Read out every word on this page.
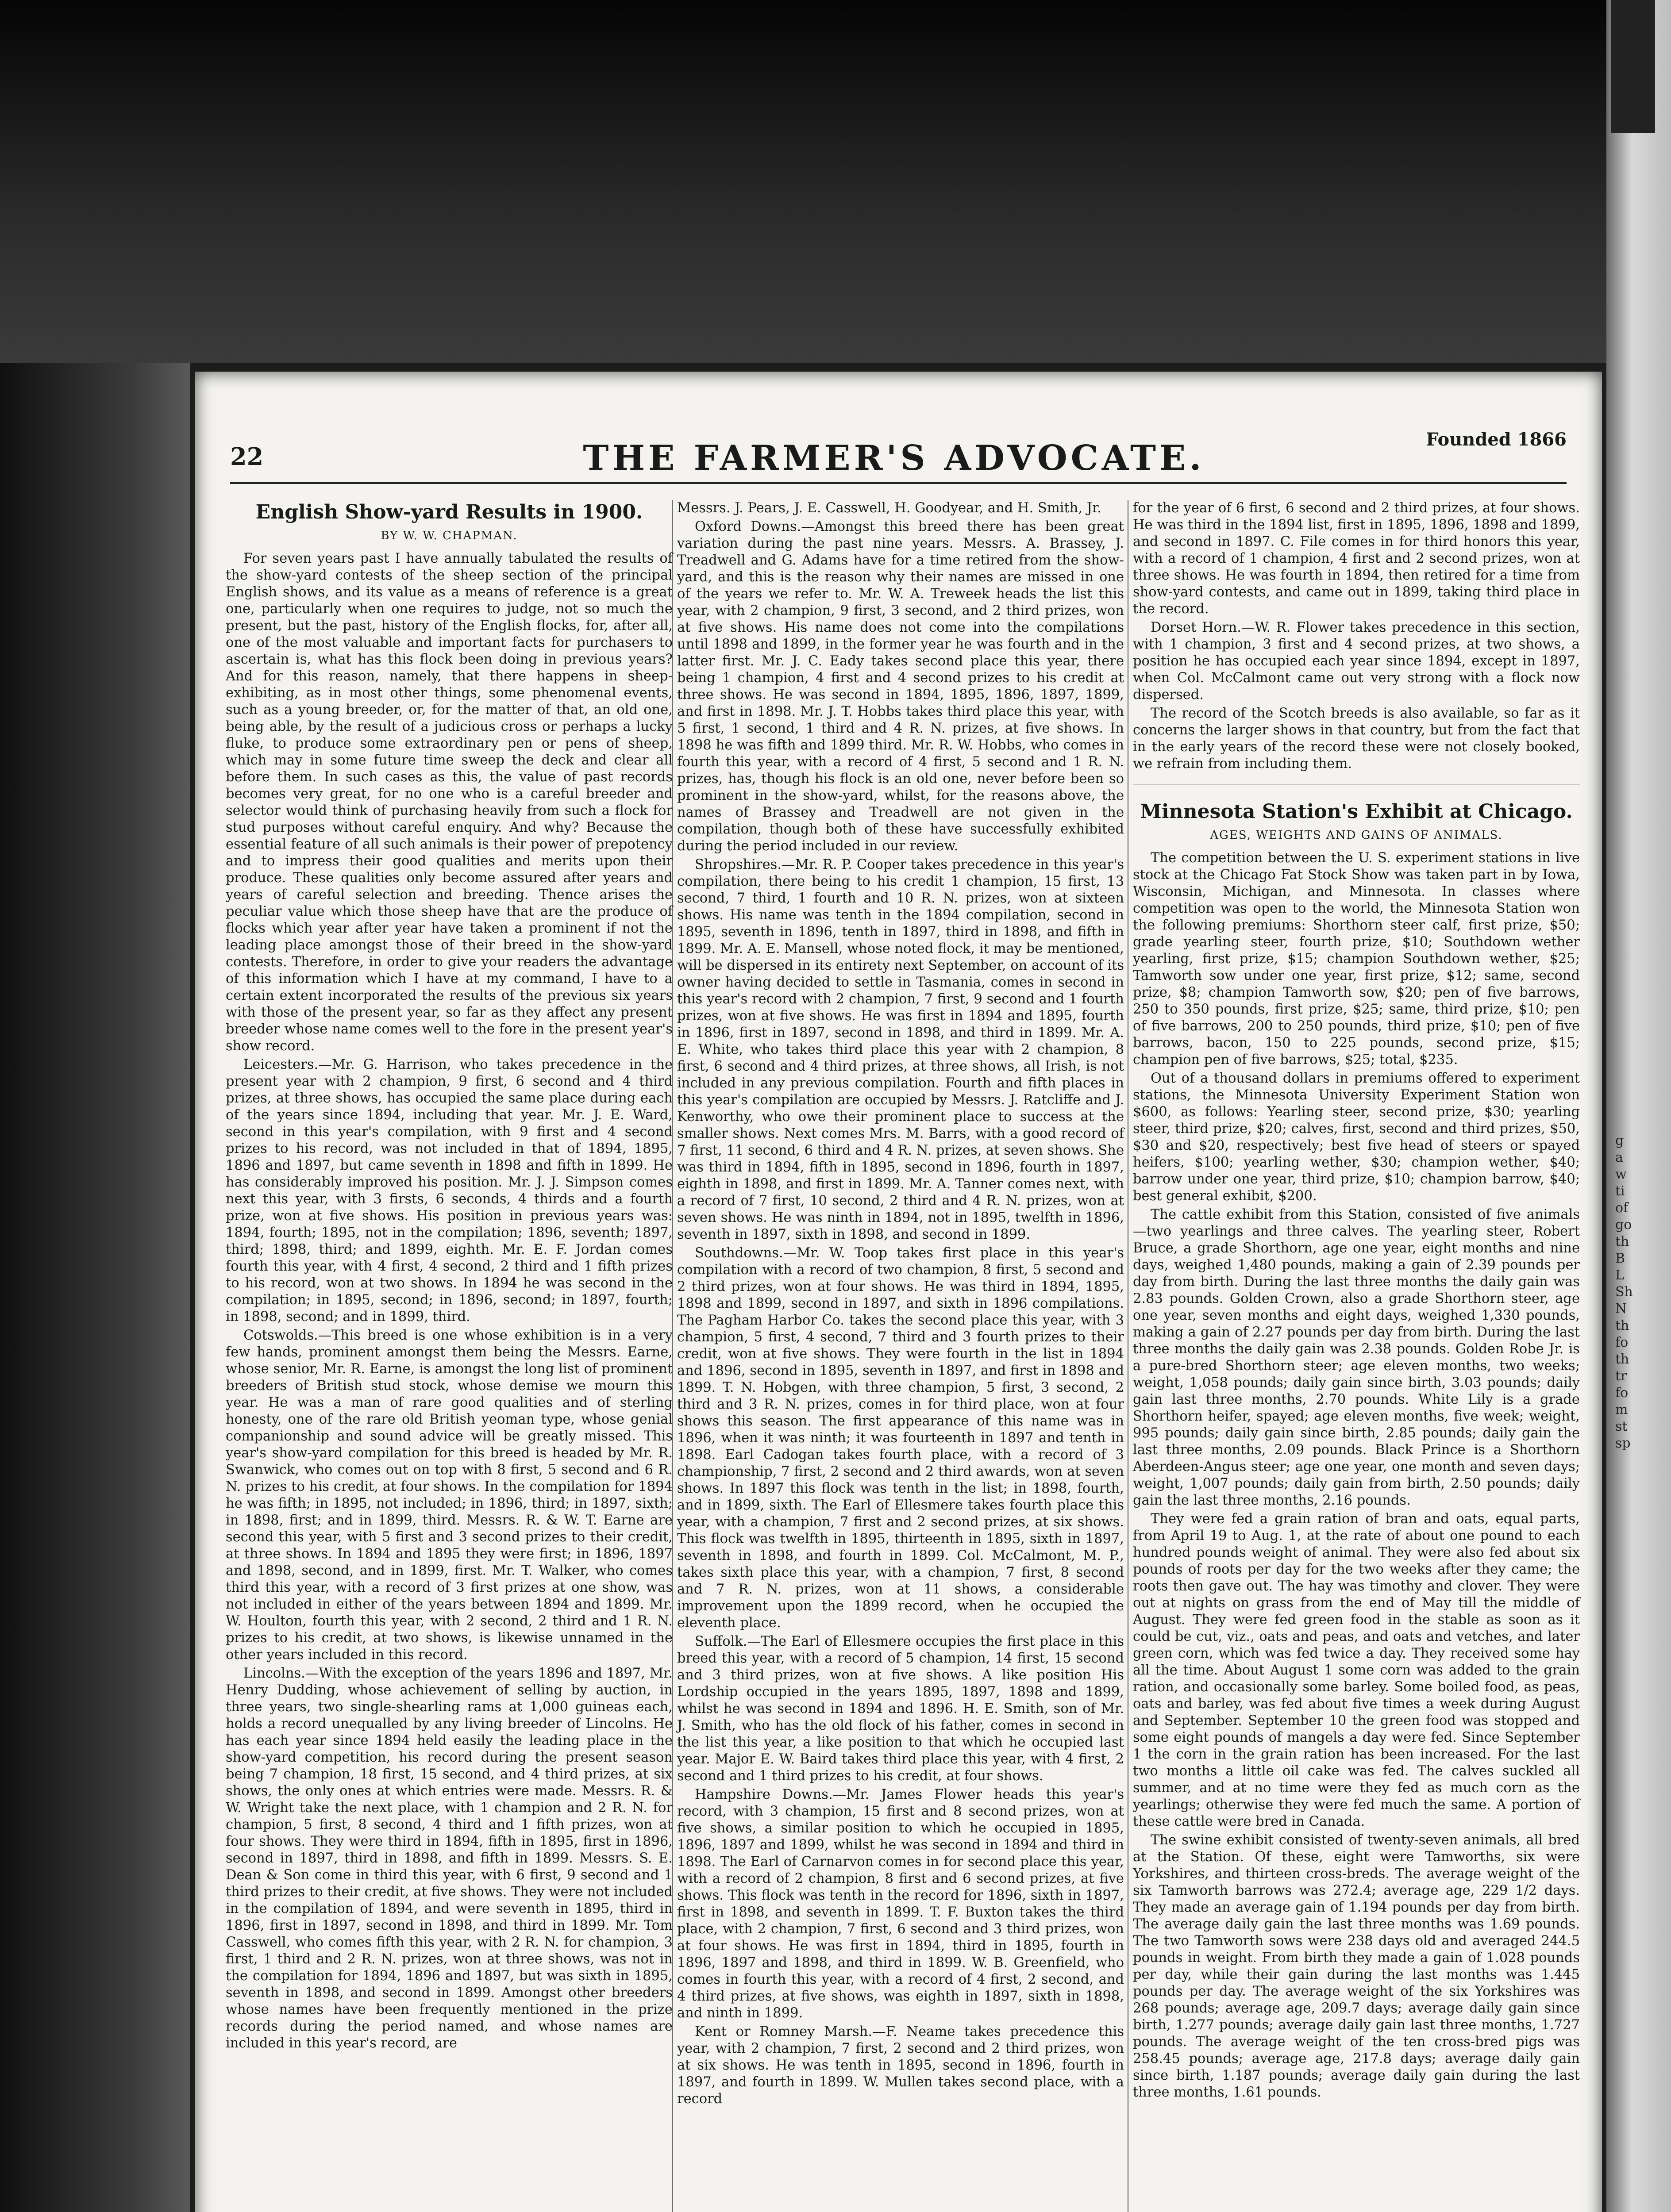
22	THE FARMER'S ADVOCATE.	Founded 1866
English Show-yard Results in 1900.
BY W. W. CHAPMAN.

For seven years past I have annually tabulated the results of the show-yard contests of the sheep section of the principal English shows, and its value as a means of reference is a great one, particularly when one requires to judge, not so much the present, but the past, history of the English flocks, for, after all, one of the most valuable and important facts for purchasers to ascertain is, what has this flock been doing in previous years? And for this reason, namely, that there happens in sheep-exhibiting, as in most other things, some phenomenal events, such as a young breeder, or, for the matter of that, an old one, being able, by the result of a judicious cross or perhaps a lucky fluke, to produce some extraordinary pen or pens of sheep, which may in some future time sweep the deck and clear all before them. In such cases as this, the value of past records becomes very great, for no one who is a careful breeder and selector would think of purchasing heavily from such a flock for stud purposes without careful enquiry. And why? Because the essential feature of all such animals is their power of prepotency and to impress their good qualities and merits upon their produce. These qualities only become assured after years and years of careful selection and breeding. Thence arises the peculiar value which those sheep have that are the produce of flocks which year after year have taken a prominent if not the leading place amongst those of their breed in the show-yard contests. Therefore, in order to give your readers the advantage of this information which I have at my command, I have to a certain extent incorporated the results of the previous six years with those of the present year, so far as they affect any present breeder whose name comes well to the fore in the present year's show record.

Leicesters.—Mr. G. Harrison, who takes precedence in the present year with 2 champion, 9 first, 6 second and 4 third prizes, at three shows, has occupied the same place during each of the years since 1894, including that year. Mr. J. E. Ward, second in this year's compilation, with 9 first and 4 second prizes to his record, was not included in that of 1894, 1895, 1896 and 1897, but came seventh in 1898 and fifth in 1899. He has considerably improved his position. Mr. J. J. Simpson comes next this year, with 3 firsts, 6 seconds, 4 thirds and a fourth prize, won at five shows. His position in previous years was: 1894, fourth; 1895, not in the compilation; 1896, seventh; 1897, third; 1898, third; and 1899, eighth. Mr. E. F. Jordan comes fourth this year, with 4 first, 4 second, 2 third and 1 fifth prizes to his record, won at two shows. In 1894 he was second in the compilation; in 1895, second; in 1896, second; in 1897, fourth; in 1898, second; and in 1899, third.

Cotswolds.—This breed is one whose exhibition is in a very few hands, prominent amongst them being the Messrs. Earne, whose senior, Mr. R. Earne, is amongst the long list of prominent breeders of British stud stock, whose demise we mourn this year. He was a man of rare good qualities and of sterling honesty, one of the rare old British yeoman type, whose genial companionship and sound advice will be greatly missed. This year's show-yard compilation for this breed is headed by Mr. R. Swanwick, who comes out on top with 8 first, 5 second and 6 R. N. prizes to his credit, at four shows. In the compilation for 1894 he was fifth; in 1895, not included; in 1896, third; in 1897, sixth; in 1898, first; and in 1899, third. Messrs. R. & W. T. Earne are second this year, with 5 first and 3 second prizes to their credit, at three shows. In 1894 and 1895 they were first; in 1896, 1897 and 1898, second, and in 1899, first. Mr. T. Walker, who comes third this year, with a record of 3 first prizes at one show, was not included in either of the years between 1894 and 1899. Mr. W. Houlton, fourth this year, with 2 second, 2 third and 1 R. N. prizes to his credit, at two shows, is likewise unnamed in the other years included in this record.

Lincolns.—With the exception of the years 1896 and 1897, Mr. Henry Dudding, whose achievement of selling by auction, in three years, two single-shearling rams at 1,000 guineas each, holds a record unequalled by any living breeder of Lincolns. He has each year since 1894 held easily the leading place in the show-yard competition, his record during the present season being 7 champion, 18 first, 15 second, and 4 third prizes, at six shows, the only ones at which entries were made. Messrs. R. & W. Wright take the next place, with 1 champion and 2 R. N. for champion, 5 first, 8 second, 4 third and 1 fifth prizes, won at four shows. They were third in 1894, fifth in 1895, first in 1896, second in 1897, third in 1898, and fifth in 1899. Messrs. S. E. Dean & Son come in third this year, with 6 first, 9 second and 1 third prizes to their credit, at five shows. They were not included in the compilation of 1894, and were seventh in 1895, third in 1896, first in 1897, second in 1898, and third in 1899. Mr. Tom Casswell, who comes fifth this year, with 2 R. N. for champion, 3 first, 1 third and 2 R. N. prizes, won at three shows, was not in the compilation for 1894, 1896 and 1897, but was sixth in 1895, seventh in 1898, and second in 1899. Amongst other breeders whose names have been frequently mentioned in the prize records during the period named, and whose names are included in this year's record, are

Messrs. J. Pears, J. E. Casswell, H. Goodyear, and H. Smith, Jr.

Oxford Downs.—Amongst this breed there has been great variation during the past nine years. Messrs. A. Brassey, J. Treadwell and G. Adams have for a time retired from the show-yard, and this is the reason why their names are missed in one of the years we refer to. Mr. W. A. Treweek heads the list this year, with 2 champion, 9 first, 3 second, and 2 third prizes, won at five shows. His name does not come into the compilations until 1898 and 1899, in the former year he was fourth and in the latter first. Mr. J. C. Eady takes second place this year, there being 1 champion, 4 first and 4 second prizes to his credit at three shows. He was second in 1894, 1895, 1896, 1897, 1899, and first in 1898. Mr. J. T. Hobbs takes third place this year, with 5 first, 1 second, 1 third and 4 R. N. prizes, at five shows. In 1898 he was fifth and 1899 third. Mr. R. W. Hobbs, who comes in fourth this year, with a record of 4 first, 5 second and 1 R. N. prizes, has, though his flock is an old one, never before been so prominent in the show-yard, whilst, for the reasons above, the names of Brassey and Treadwell are not given in the compilation, though both of these have successfully exhibited during the period included in our review.

Shropshires.—Mr. R. P. Cooper takes precedence in this year's compilation, there being to his credit 1 champion, 15 first, 13 second, 7 third, 1 fourth and 10 R. N. prizes, won at sixteen shows. His name was tenth in the 1894 compilation, second in 1895, seventh in 1896, tenth in 1897, third in 1898, and fifth in 1899. Mr. A. E. Mansell, whose noted flock, it may be mentioned, will be dispersed in its entirety next September, on account of its owner having decided to settle in Tasmania, comes in second in this year's record with 2 champion, 7 first, 9 second and 1 fourth prizes, won at five shows. He was first in 1894 and 1895, fourth in 1896, first in 1897, second in 1898, and third in 1899. Mr. A. E. White, who takes third place this year with 2 champion, 8 first, 6 second and 4 third prizes, at three shows, all Irish, is not included in any previous compilation. Fourth and fifth places in this year's compilation are occupied by Messrs. J. Ratcliffe and J. Kenworthy, who owe their prominent place to success at the smaller shows. Next comes Mrs. M. Barrs, with a good record of 7 first, 11 second, 6 third and 4 R. N. prizes, at seven shows. She was third in 1894, fifth in 1895, second in 1896, fourth in 1897, eighth in 1898, and first in 1899. Mr. A. Tanner comes next, with a record of 7 first, 10 second, 2 third and 4 R. N. prizes, won at seven shows. He was ninth in 1894, not in 1895, twelfth in 1896, seventh in 1897, sixth in 1898, and second in 1899.

Southdowns.—Mr. W. Toop takes first place in this year's compilation with a record of two champion, 8 first, 5 second and 2 third prizes, won at four shows. He was third in 1894, 1895, 1898 and 1899, second in 1897, and sixth in 1896 compilations. The Pagham Harbor Co. takes the second place this year, with 3 champion, 5 first, 4 second, 7 third and 3 fourth prizes to their credit, won at five shows. They were fourth in the list in 1894 and 1896, second in 1895, seventh in 1897, and first in 1898 and 1899. T. N. Hobgen, with three champion, 5 first, 3 second, 2 third and 3 R. N. prizes, comes in for third place, won at four shows this season. The first appearance of this name was in 1896, when it was ninth; it was fourteenth in 1897 and tenth in 1898. Earl Cadogan takes fourth place, with a record of 3 championship, 7 first, 2 second and 2 third awards, won at seven shows. In 1897 this flock was tenth in the list; in 1898, fourth, and in 1899, sixth. The Earl of Ellesmere takes fourth place this year, with a champion, 7 first and 2 second prizes, at six shows. This flock was twelfth in 1895, thirteenth in 1895, sixth in 1897, seventh in 1898, and fourth in 1899. Col. McCalmont, M. P., takes sixth place this year, with a champion, 7 first, 8 second and 7 R. N. prizes, won at 11 shows, a considerable improvement upon the 1899 record, when he occupied the eleventh place.

Suffolk.—The Earl of Ellesmere occupies the first place in this breed this year, with a record of 5 champion, 14 first, 15 second and 3 third prizes, won at five shows. A like position His Lordship occupied in the years 1895, 1897, 1898 and 1899, whilst he was second in 1894 and 1896. H. E. Smith, son of Mr. J. Smith, who has the old flock of his father, comes in second in the list this year, a like position to that which he occupied last year. Major E. W. Baird takes third place this year, with 4 first, 2 second and 1 third prizes to his credit, at four shows.

Hampshire Downs.—Mr. James Flower heads this year's record, with 3 champion, 15 first and 8 second prizes, won at five shows, a similar position to which he occupied in 1895, 1896, 1897 and 1899, whilst he was second in 1894 and third in 1898. The Earl of Carnarvon comes in for second place this year, with a record of 2 champion, 8 first and 6 second prizes, at five shows. This flock was tenth in the record for 1896, sixth in 1897, first in 1898, and seventh in 1899. T. F. Buxton takes the third place, with 2 champion, 7 first, 6 second and 3 third prizes, won at four shows. He was first in 1894, third in 1895, fourth in 1896, 1897 and 1898, and third in 1899. W. B. Greenfield, who comes in fourth this year, with a record of 4 first, 2 second, and 4 third prizes, at five shows, was eighth in 1897, sixth in 1898, and ninth in 1899.

Kent or Romney Marsh.—F. Neame takes precedence this year, with 2 champion, 7 first, 2 second and 2 third prizes, won at six shows. He was tenth in 1895, second in 1896, fourth in 1897, and fourth in 1899. W. Mullen takes second place, with a record

for the year of 6 first, 6 second and 2 third prizes, at four shows. He was third in the 1894 list, first in 1895, 1896, 1898 and 1899, and second in 1897. C. File comes in for third honors this year, with a record of 1 champion, 4 first and 2 second prizes, won at three shows. He was fourth in 1894, then retired for a time from show-yard contests, and came out in 1899, taking third place in the record.

Dorset Horn.—W. R. Flower takes precedence in this section, with 1 champion, 3 first and 4 second prizes, at two shows, a position he has occupied each year since 1894, except in 1897, when Col. McCalmont came out very strong with a flock now dispersed.

The record of the Scotch breeds is also available, so far as it concerns the larger shows in that country, but from the fact that in the early years of the record these were not closely booked, we refrain from including them.

Minnesota Station's Exhibit at Chicago.
AGES, WEIGHTS AND GAINS OF ANIMALS.

The competition between the U. S. experiment stations in live stock at the Chicago Fat Stock Show was taken part in by Iowa, Wisconsin, Michigan, and Minnesota. In classes where competition was open to the world, the Minnesota Station won the following premiums: Shorthorn steer calf, first prize, $50; grade yearling steer, fourth prize, $10; Southdown wether yearling, first prize, $15; champion Southdown wether, $25; Tamworth sow under one year, first prize, $12; same, second prize, $8; champion Tamworth sow, $20; pen of five barrows, 250 to 350 pounds, first prize, $25; same, third prize, $10; pen of five barrows, 200 to 250 pounds, third prize, $10; pen of five barrows, bacon, 150 to 225 pounds, second prize, $15; champion pen of five barrows, $25; total, $235.

Out of a thousand dollars in premiums offered to experiment stations, the Minnesota University Experiment Station won $600, as follows: Yearling steer, second prize, $30; yearling steer, third prize, $20; calves, first, second and third prizes, $50, $30 and $20, respectively; best five head of steers or spayed heifers, $100; yearling wether, $30; champion wether, $40; barrow under one year, third prize, $10; champion barrow, $40; best general exhibit, $200.

The cattle exhibit from this Station, consisted of five animals—two yearlings and three calves. The yearling steer, Robert Bruce, a grade Shorthorn, age one year, eight months and nine days, weighed 1,480 pounds, making a gain of 2.39 pounds per day from birth. During the last three months the daily gain was 2.83 pounds. Golden Crown, also a grade Shorthorn steer, age one year, seven months and eight days, weighed 1,330 pounds, making a gain of 2.27 pounds per day from birth. During the last three months the daily gain was 2.38 pounds. Golden Robe Jr. is a pure-bred Shorthorn steer; age eleven months, two weeks; weight, 1,058 pounds; daily gain since birth, 3.03 pounds; daily gain last three months, 2.70 pounds. White Lily is a grade Shorthorn heifer, spayed; age eleven months, five week; weight, 995 pounds; daily gain since birth, 2.85 pounds; daily gain the last three months, 2.09 pounds. Black Prince is a Shorthorn Aberdeen-Angus steer; age one year, one month and seven days; weight, 1,007 pounds; daily gain from birth, 2.50 pounds; daily gain the last three months, 2.16 pounds.

They were fed a grain ration of bran and oats, equal parts, from April 19 to Aug. 1, at the rate of about one pound to each hundred pounds weight of animal. They were also fed about six pounds of roots per day for the two weeks after they came; the roots then gave out. The hay was timothy and clover. They were out at nights on grass from the end of May till the middle of August. They were fed green food in the stable as soon as it could be cut, viz., oats and peas, and oats and vetches, and later green corn, which was fed twice a day. They received some hay all the time. About August 1 some corn was added to the grain ration, and occasionally some barley. Some boiled food, as peas, oats and barley, was fed about five times a week during August and September. September 10 the green food was stopped and some eight pounds of mangels a day were fed. Since September 1 the corn in the grain ration has been increased. For the last two months a little oil cake was fed. The calves suckled all summer, and at no time were they fed as much corn as the yearlings; otherwise they were fed much the same. A portion of these cattle were bred in Canada.

The swine exhibit consisted of twenty-seven animals, all bred at the Station. Of these, eight were Tamworths, six were Yorkshires, and thirteen cross-breds. The average weight of the six Tamworth barrows was 272.4; average age, 229 1/2 days. They made an average gain of 1.194 pounds per day from birth. The average daily gain the last three months was 1.69 pounds. The two Tamworth sows were 238 days old and averaged 244.5 pounds in weight. From birth they made a gain of 1.028 pounds per day, while their gain during the last months was 1.445 pounds per day. The average weight of the six Yorkshires was 268 pounds; average age, 209.7 days; average daily gain since birth, 1.277 pounds; average daily gain last three months, 1.727 pounds. The average weight of the ten cross-bred pigs was 258.45 pounds; average age, 217.8 days; average daily gain since birth, 1.187 pounds; average daily gain during the last three months, 1.61 pounds.

g
a
w
ti
of
go
th
B
L
Sh
N
th
fo
th
tr
fo
m
st
sp
